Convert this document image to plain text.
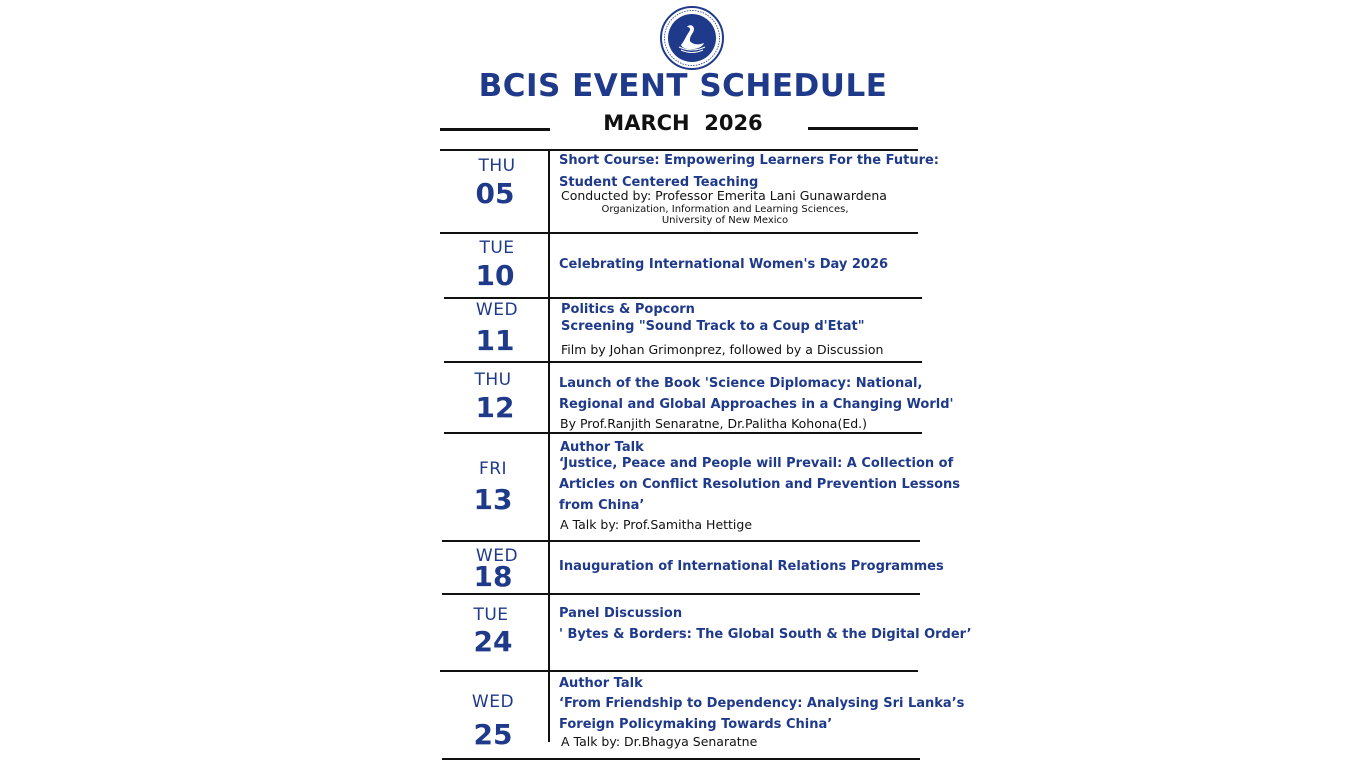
BCIS EVENT SCHEDULE
MARCH  2026
THU
05
Short Course: Empowering Learners For the Future:
Student Centered Teaching
Conducted by: Professor Emerita Lani Gunawardena
Organization, Information and Learning Sciences,
University of New Mexico
TUE
10	Celebrating International Women's Day 2026
WED
11
Politics & Popcorn
Screening "Sound Track to a Coup d'Etat"
Film by Johan Grimonprez, followed by a Discussion
THU
12
Launch of the Book 'Science Diplomacy: National,
Regional and Global Approaches in a Changing World'
By Prof.Ranjith Senaratne, Dr.Palitha Kohona(Ed.)
FRI
13
Author Talk
‘Justice, Peace and People will Prevail: A Collection of
Articles on Conflict Resolution and Prevention Lessons
from China’
A Talk by: Prof.Samitha Hettige
WED
18	Inauguration of International Relations Programmes
TUE
24
Panel Discussion
' Bytes & Borders: The Global South & the Digital Order’
WED
25
Author Talk
‘From Friendship to Dependency: Analysing Sri Lanka’s
Foreign Policymaking Towards China’
A Talk by: Dr.Bhagya Senaratne
